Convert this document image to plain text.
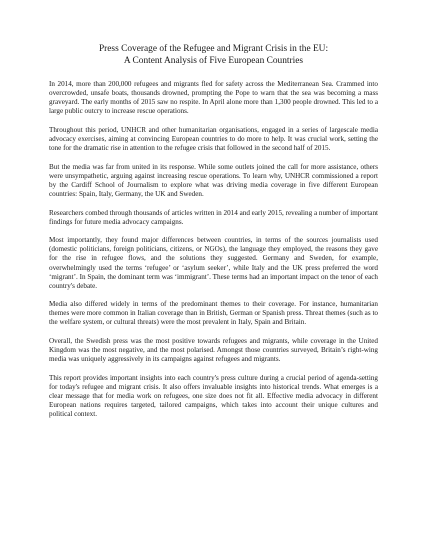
Press Coverage of the Refugee and Migrant Crisis in the EU:
A Content Analysis of Five European Countries

In 2014, more than 200,000 refugees and migrants fled for safety across the Mediterranean Sea. Crammed into overcrowded, unsafe boats, thousands drowned, prompting the Pope to warn that the sea was becoming a mass graveyard. The early months of 2015 saw no respite. In April alone more than 1,300 people drowned. This led to a large public outcry to increase rescue operations.

Throughout this period, UNHCR and other humanitarian organisations, engaged in a series of largescale media advocacy exercises, aiming at convincing European countries to do more to help. It was crucial work, setting the tone for the dramatic rise in attention to the refugee crisis that followed in the second half of 2015.

But the media was far from united in its response. While some outlets joined the call for more assistance, others were unsympathetic, arguing against increasing rescue operations. To learn why, UNHCR commissioned a report by the Cardiff School of Journalism to explore what was driving media coverage in five different European countries: Spain, Italy, Germany, the UK and Sweden.

Researchers combed through thousands of articles written in 2014 and early 2015, revealing a number of important findings for future media advocacy campaigns.

Most importantly, they found major differences between countries, in terms of the sources journalists used (domestic politicians, foreign politicians, citizens, or NGOs), the language they employed, the reasons they gave for the rise in refugee flows, and the solutions they suggested. Germany and Sweden, for example, overwhelmingly used the terms ‘refugee’ or ‘asylum seeker’, while Italy and the UK press preferred the word ‘migrant’. In Spain, the dominant term was ‘immigrant’. These terms had an important impact on the tenor of each country's debate.

Media also differed widely in terms of the predominant themes to their coverage. For instance, humanitarian themes were more common in Italian coverage than in British, German or Spanish press. Threat themes (such as to the welfare system, or cultural threats) were the most prevalent in Italy, Spain and Britain.

Overall, the Swedish press was the most positive towards refugees and migrants, while coverage in the United Kingdom was the most negative, and the most polarised. Amongst those countries surveyed, Britain’s right-wing media was uniquely aggressively in its campaigns against refugees and migrants.

This report provides important insights into each country's press culture during a crucial period of agenda-setting for today's refugee and migrant crisis. It also offers invaluable insights into historical trends. What emerges is a clear message that for media work on refugees, one size does not fit all. Effective media advocacy in different European nations requires targeted, tailored campaigns, which takes into account their unique cultures and political context.
